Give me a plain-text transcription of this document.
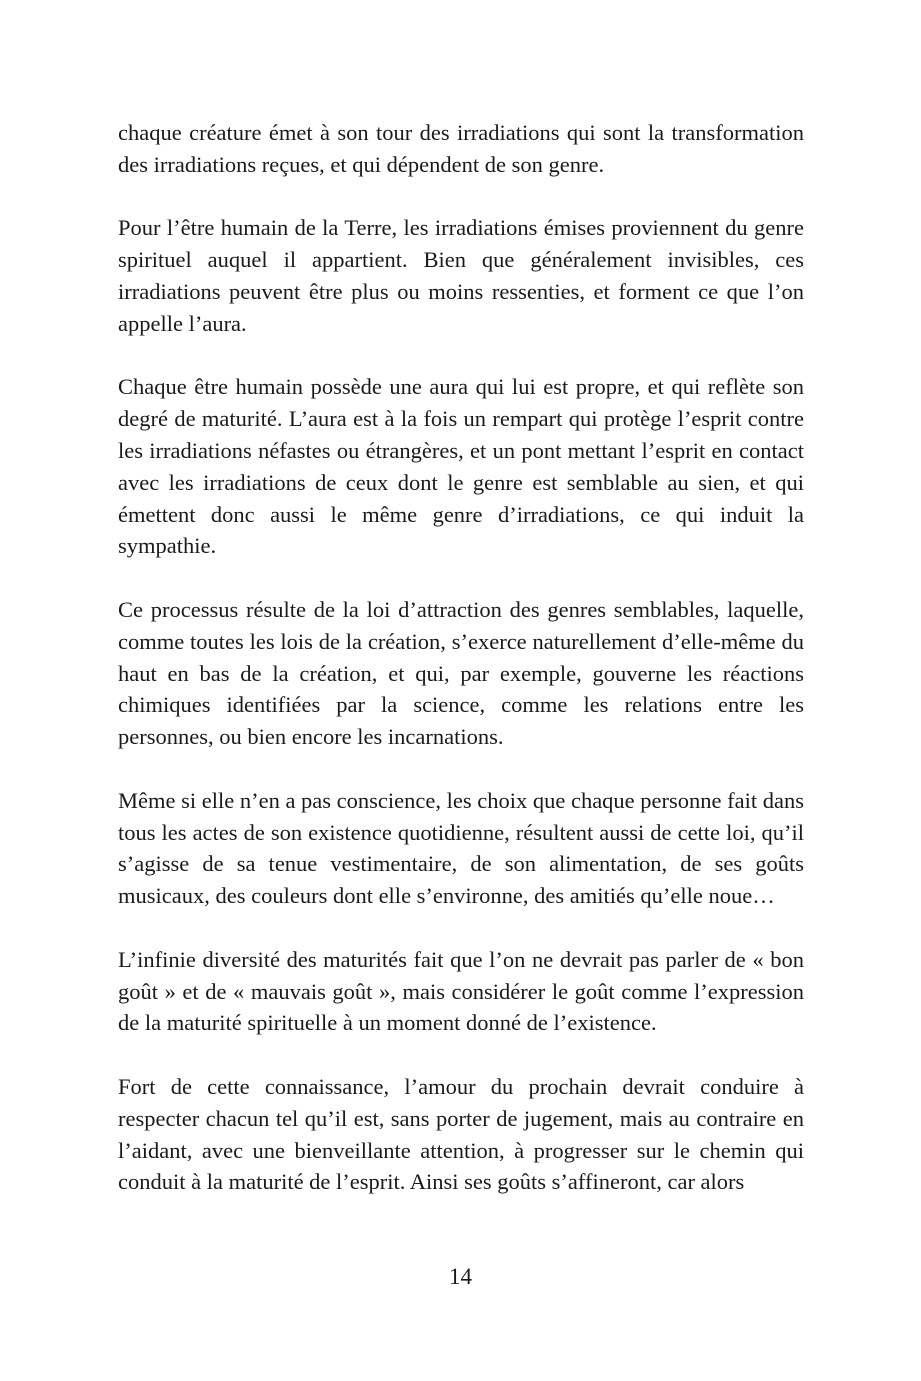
chaque créature émet à son tour des irradiations qui sont la transformation des irradiations reçues, et qui dépendent de son genre.

Pour l’être humain de la Terre, les irradiations émises proviennent du genre spirituel auquel il appartient. Bien que généralement invisibles, ces irradiations peuvent être plus ou moins ressenties, et forment ce que l’on appelle l’aura.

Chaque être humain possède une aura qui lui est propre, et qui reflète son degré de maturité. L’aura est à la fois un rempart qui protège l’esprit contre les irradiations néfastes ou étrangères, et un pont mettant l’esprit en contact avec les irradiations de ceux dont le genre est semblable au sien, et qui émettent donc aussi le même genre d’irradiations, ce qui induit la sympathie.

Ce processus résulte de la loi d’attraction des genres semblables, laquelle, comme toutes les lois de la création, s’exerce naturellement d’elle-même du haut en bas de la création, et qui, par exemple, gouverne les réactions chimiques identifiées par la science, comme les relations entre les personnes, ou bien encore les incarnations.

Même si elle n’en a pas conscience, les choix que chaque personne fait dans tous les actes de son existence quotidienne, résultent aussi de cette loi, qu’il s’agisse de sa tenue vestimentaire, de son alimentation, de ses goûts musicaux, des couleurs dont elle s’environne, des amitiés qu’elle noue…

L’infinie diversité des maturités fait que l’on ne devrait pas parler de « bon goût » et de « mauvais goût », mais considérer le goût comme l’expression de la maturité spirituelle à un moment donné de l’existence.

Fort de cette connaissance, l’amour du prochain devrait conduire à respecter chacun tel qu’il est, sans porter de jugement, mais au contraire en l’aidant, avec une bienveillante attention, à progresser sur le chemin qui conduit à la maturité de l’esprit. Ainsi ses goûts s’affineront, car alors

14
